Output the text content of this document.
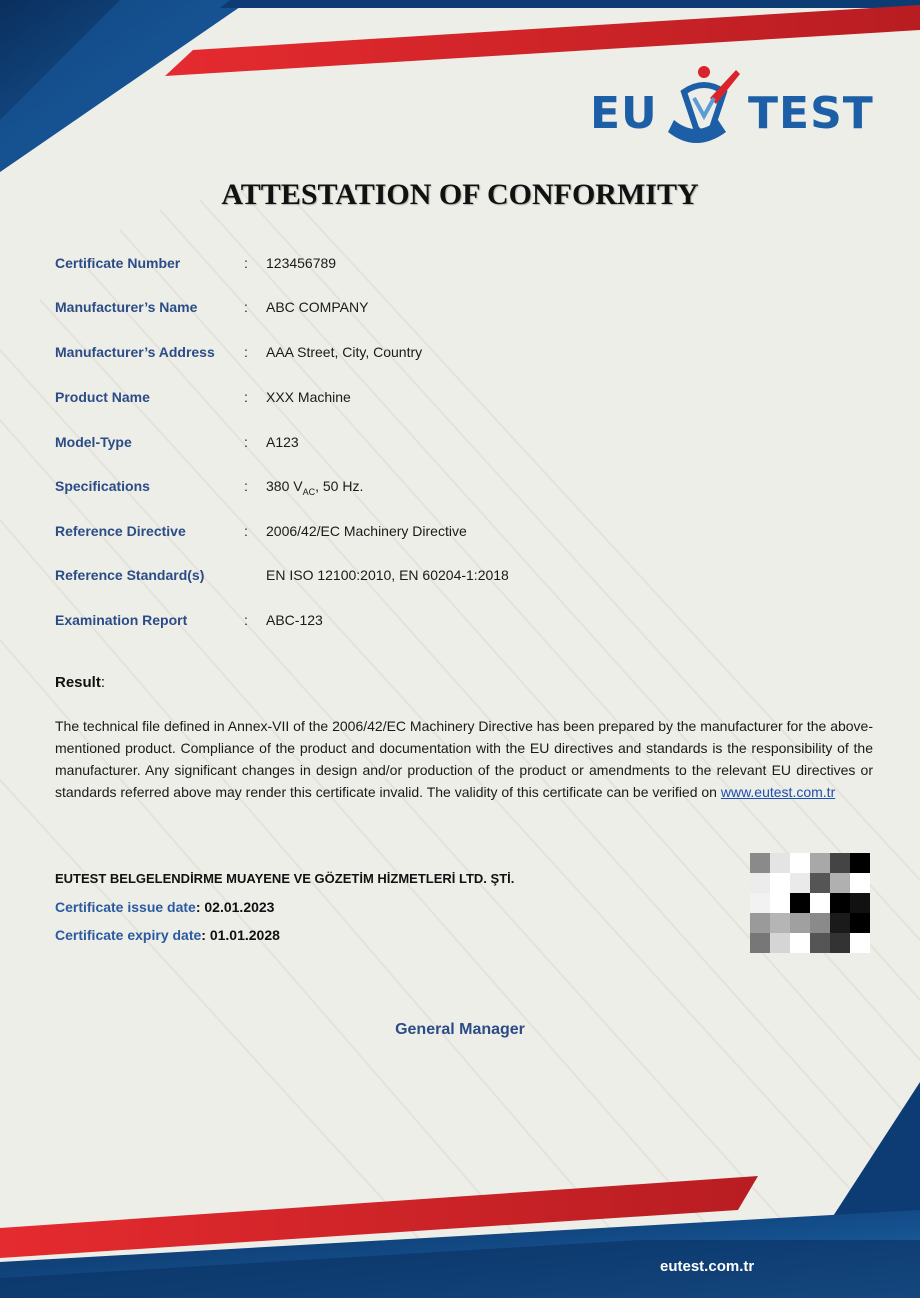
EU TEST
ATTESTATION OF CONFORMITY
Certificate Number	: 123456789
Manufacturer’s Name	: ABC COMPANY
Manufacturer’s Address : AAA Street, City, Country
Product Name	: XXX Machine
Model-Type	: A123
Specifications	: 380 $V_{AC}$, 50 Hz.
Reference Directive	: 2006/42/EC Machinery Directive
Reference Standard(s)	EN ISO 12100:2010, EN 60204-1:2018
Examination Report	: ABC-123
Result:
The technical file defined in Annex-VII of the 2006/42/EC Machinery Directive has been prepared by the manufacturer for the above-mentioned product. Compliance of the product and documentation with the EU directives and standards is the responsibility of the manufacturer. Any significant changes in design and/or production of the product or amendments to the relevant EU directives or standards referred above may render this certificate invalid. The validity of this certificate can be verified on www.eutest.com.tr
EUTEST BELGELENDİRME MUAYENE VE GÖZETİM HİZMETLERİ LTD. ŞTİ.
Certificate issue date: 02.01.2023
Certificate expiry date: 01.01.2028
General Manager
eutest.com.tr
